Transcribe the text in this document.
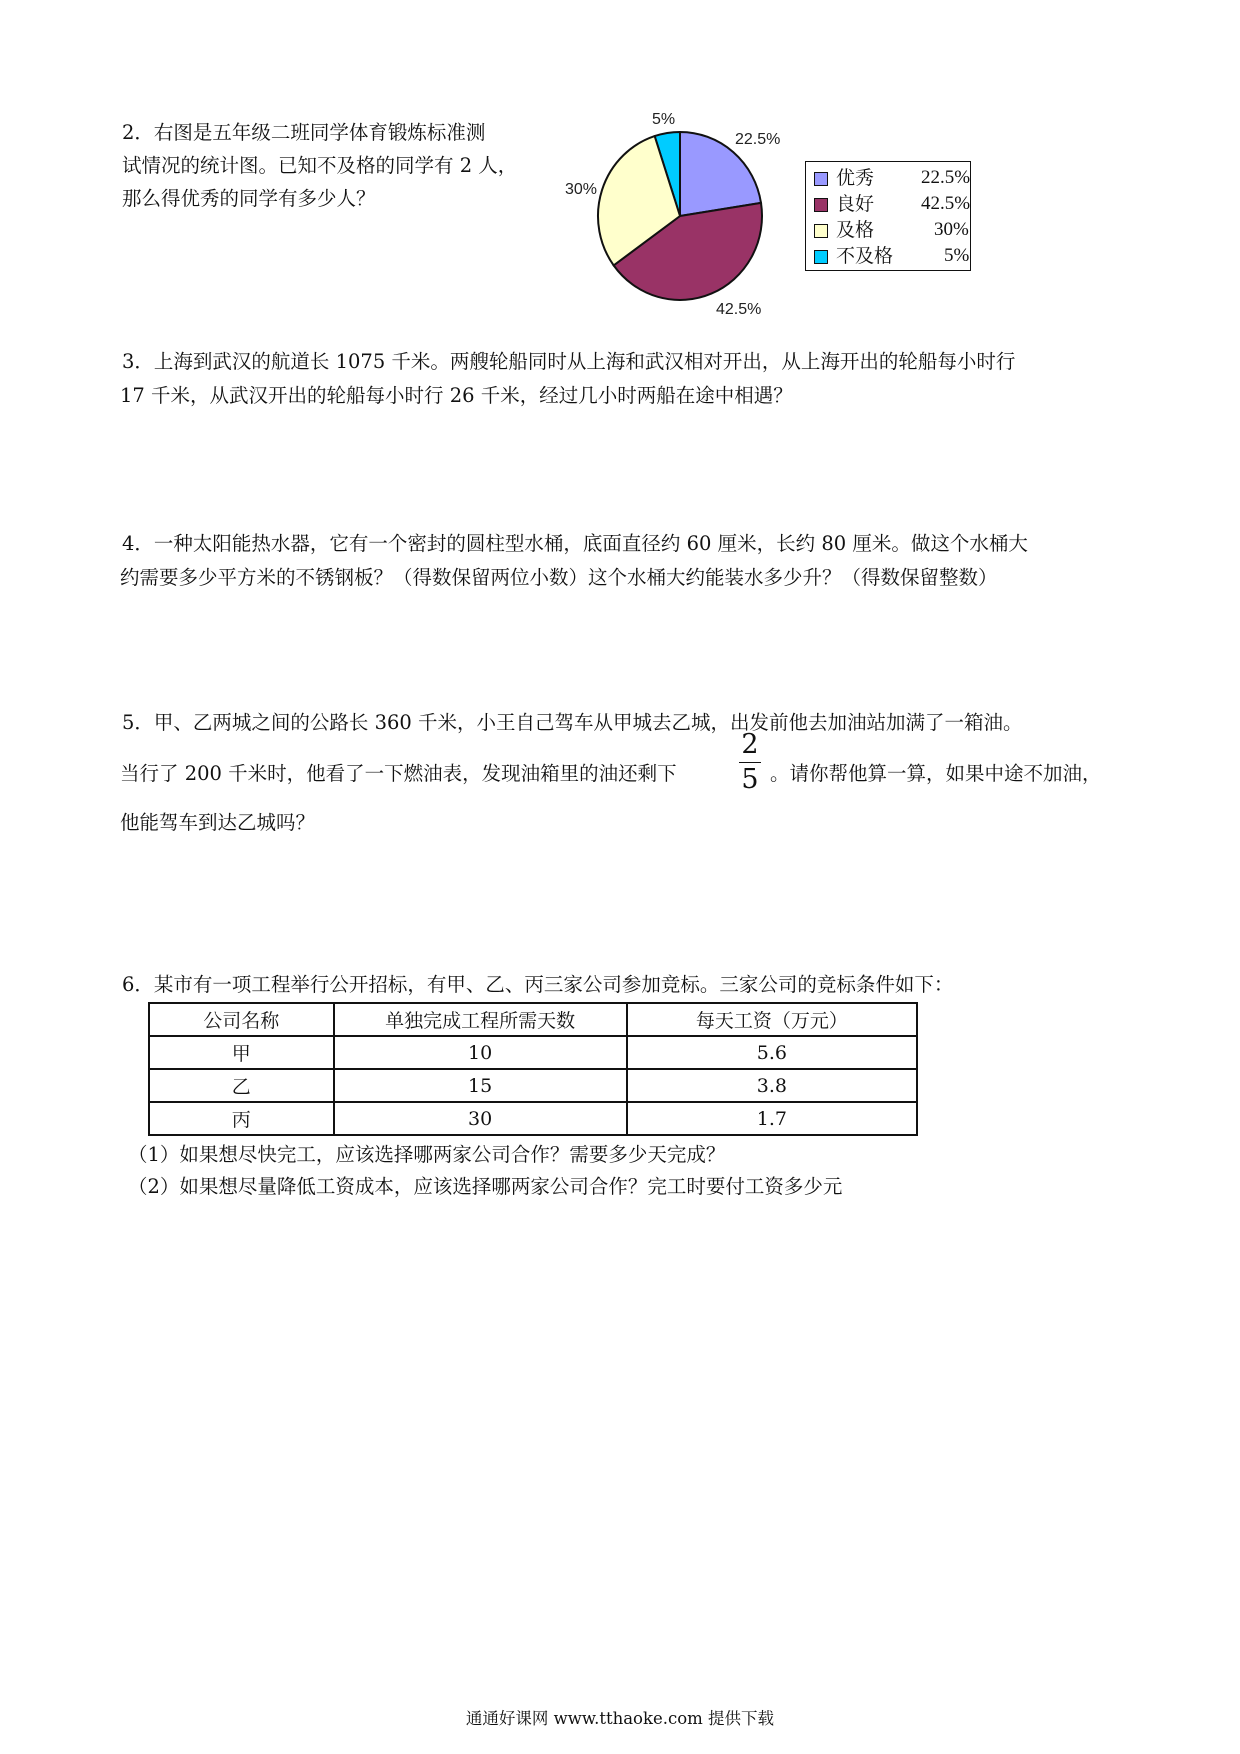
2．右图是五年级二班同学体育锻炼标准测
试情况的统计图。已知不及格的同学有 2 人，
那么得优秀的同学有多少人？
5%
22.5%
42.5%
30%
优秀 22.5%
良好 42.5%
及格	30%
不及格	5%
3．上海到武汉的航道长 1075 千米。两艘轮船同时从上海和武汉相对开出，从上海开出的轮船每小时行
17 千米，从武汉开出的轮船每小时行 26 千米，经过几小时两船在途中相遇？
4．一种太阳能热水器，它有一个密封的圆柱型水桶，底面直径约 60 厘米，长约 80 厘米。做这个水桶大
约需要多少平方米的不锈钢板？（得数保留两位小数）这个水桶大约能装水多少升？（得数保留整数）
5．甲、乙两城之间的公路长 360 千米，小王自己驾车从甲城去乙城，出发前他去加油站加满了一箱油。
当行了 200 千米时，他看了一下燃油表，发现油箱里的油还剩下
2
5 。请你帮他算一算，如果中途不加油，
他能驾车到达乙城吗？
6．某市有一项工程举行公开招标，有甲、乙、丙三家公司参加竞标。三家公司的竞标条件如下：
公司名称	单独完成工程所需天数	每天工资（万元）
甲	10	5.6
乙	15	3.8
丙	30	1.7
（1）如果想尽快完工，应该选择哪两家公司合作？需要多少天完成？
（2）如果想尽量降低工资成本，应该选择哪两家公司合作？完工时要付工资多少元
通通好课网 www.tthaoke.com 提供下载
